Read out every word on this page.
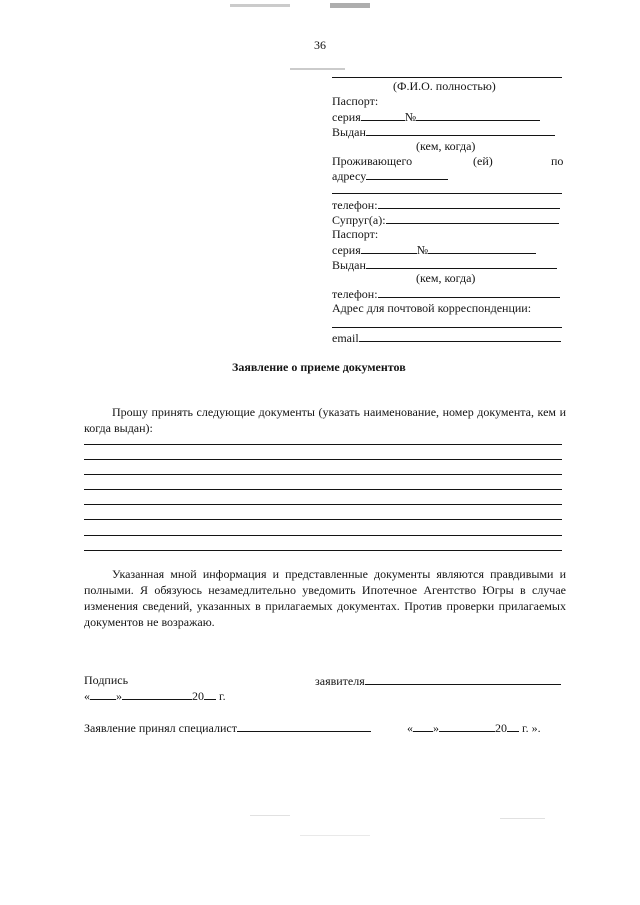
36
(Ф.И.О. полностью)
Паспорт:
серия	№
Выдан
(кем, когда)
Проживающего	(ей)	по
адресу
телефон:
Супруг(а):
Паспорт:
серия	№
Выдан
(кем, когда)
телефон:
Адрес для почтовой корреспонденции:
email
Заявление о приеме документов
Прошу принять следующие документы (указать наименование, номер документа, кем и когда выдан):
Указанная мной информация и представленные документы являются правдивыми и полными. Я обязуюсь незамедлительно уведомить Ипотечное Агентство Югры в случае изменения сведений, указанных в прилагаемых документах. Против проверки прилагаемых документов не возражаю.
Подпись	заявителя
« »	20 г.
Заявление принял специалист	« »	20 г. ».
